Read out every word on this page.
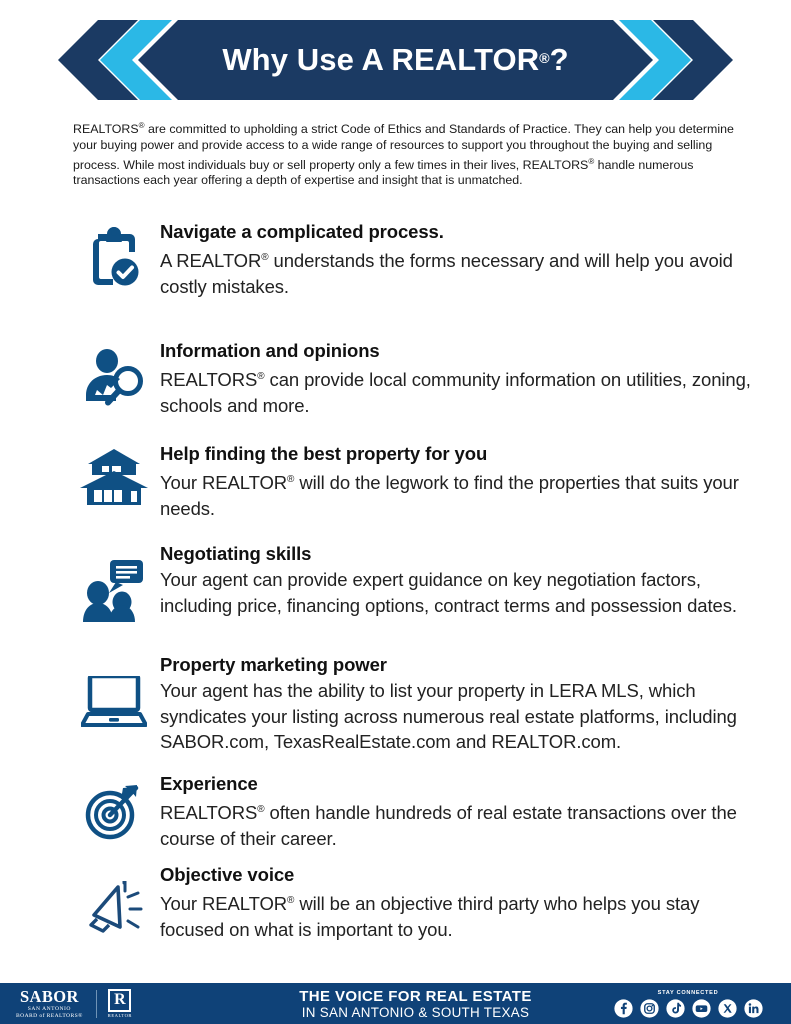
Why Use A REALTOR ?

REALTORS® are committed to upholding a strict Code of Ethics and Standards of Practice. They can help you determine your buying power and provide access to a wide range of resources to support you throughout the buying and selling process. While most individuals buy or sell property only a few times in their lives, REALTORS® handle numerous transactions each year offering a depth of expertise and insight that is unmatched.

Navigate a complicated process.
A REALTOR® understands the forms necessary and will help you avoid costly mistakes.
Information and opinions
REALTORS® can provide local community information on utilities, zoning, schools and more.
Help finding the best property for you
Your REALTOR® will do the legwork to find the properties that suits your needs.
Negotiating skills
Your agent can provide expert guidance on key negotiation factors, including price, financing options, contract terms and possession dates.
Property marketing power
Your agent has the ability to list your property in LERA MLS, which syndicates your listing across numerous real estate platforms, including SABOR.com, TexasRealEstate.com and REALTOR.com.
Experience
REALTORS® often handle hundreds of real estate transactions over the course of their career.
Objective voice
Your REALTOR® will be an objective third party who helps you stay focused on what is important to you.
SABOR
SAN ANTONIO
BOARD of REALTORS®
R
REALTOR
THE VOICE FOR REAL ESTATE
IN SAN ANTONIO & SOUTH TEXAS
STAY CONNECTED
